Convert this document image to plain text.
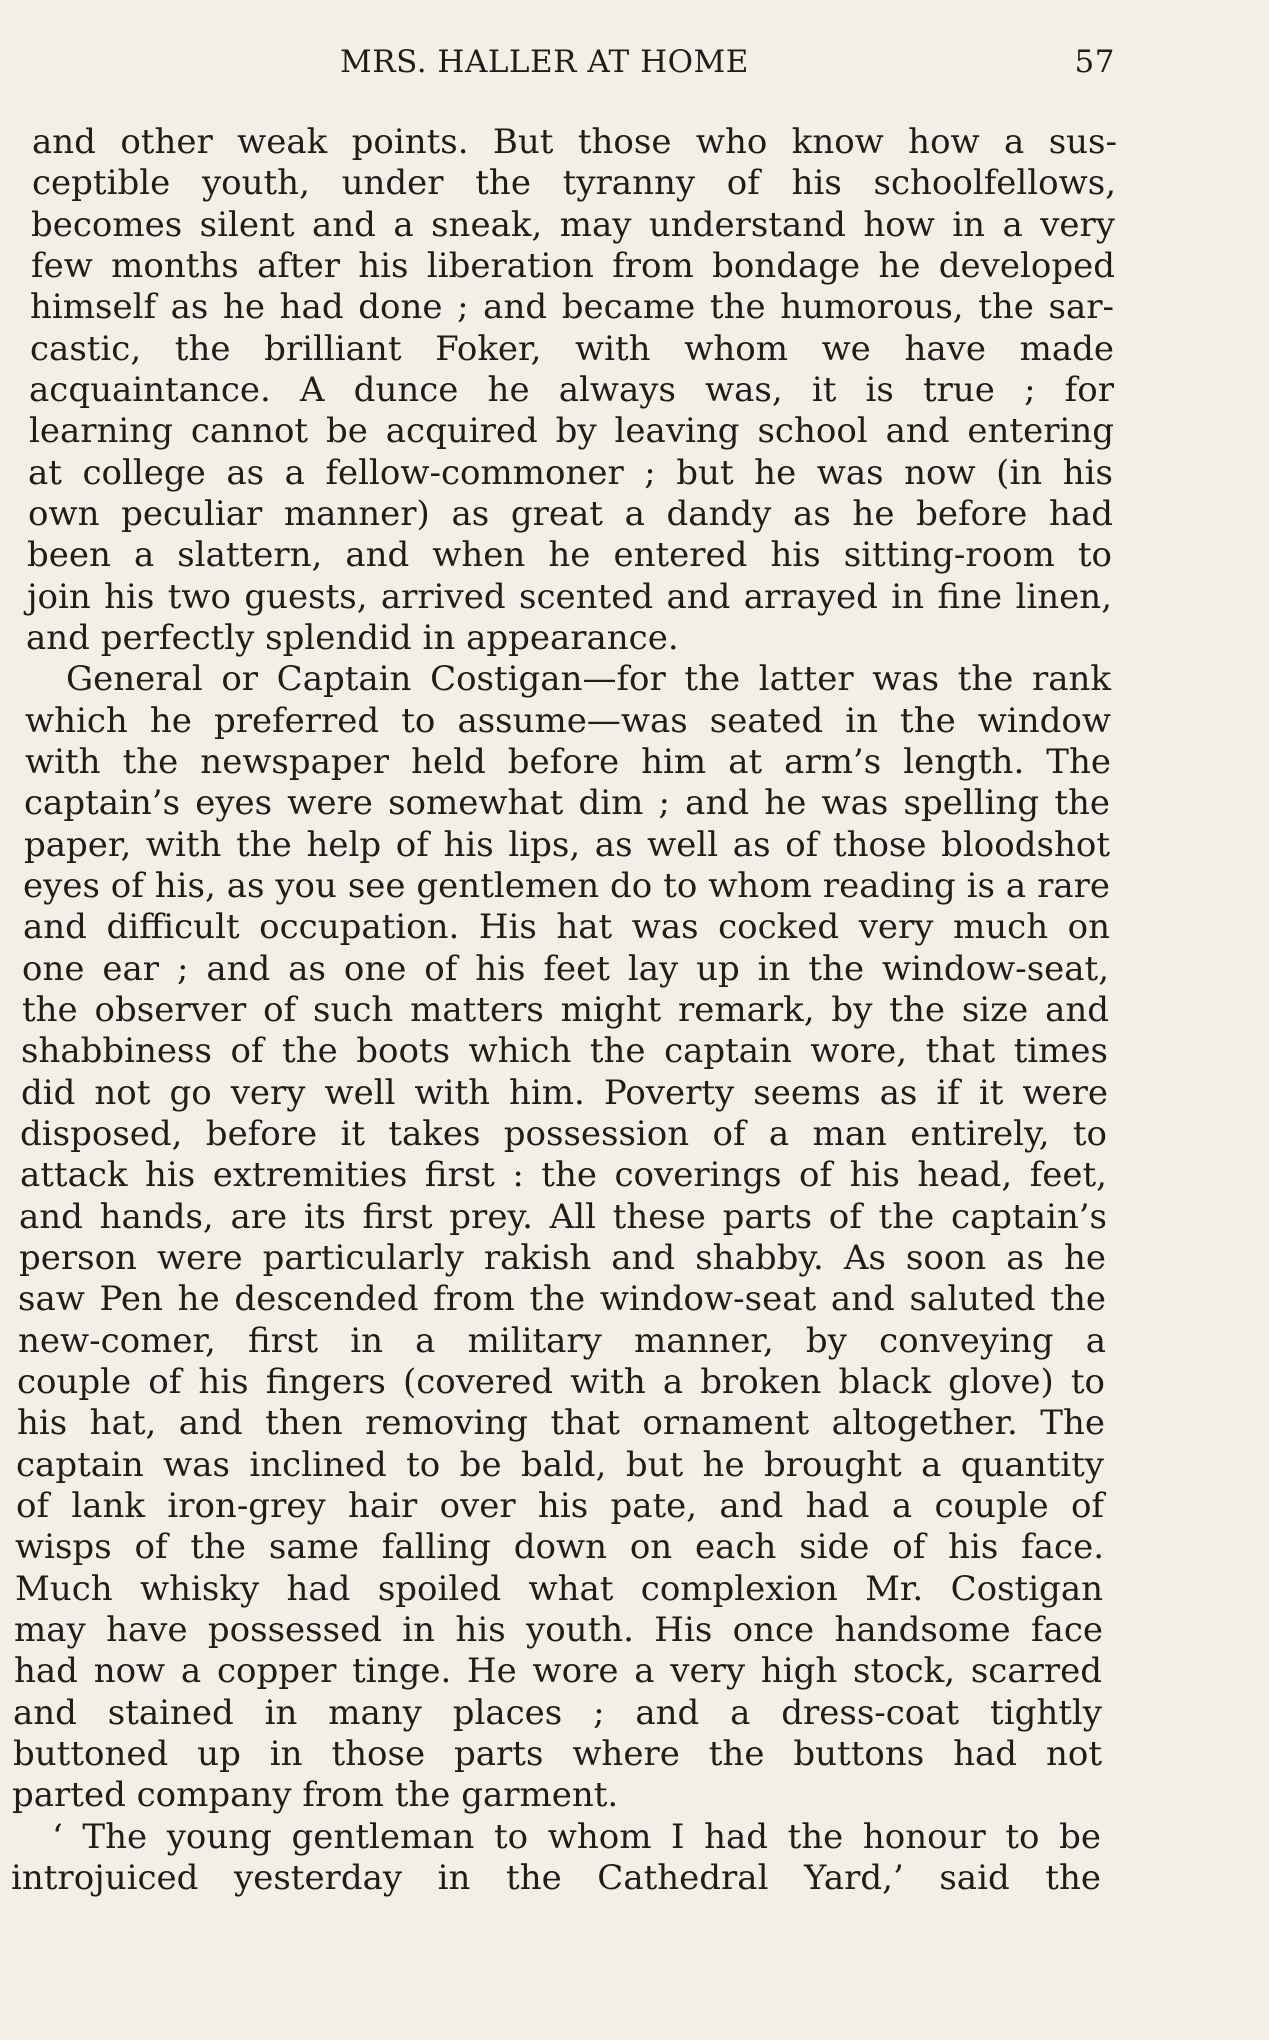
MRS. HALLER AT HOME	57
and other weak points. But those who know how a sus-
ceptible youth, under the tyranny of his schoolfellows,
becomes silent and a sneak, may understand how in a very
few months after his liberation from bondage he developed
himself as he had done ; and became the humorous, the sar-
castic, the brilliant Foker, with whom we have made
acquaintance. A dunce he always was, it is true ; for
learning cannot be acquired by leaving school and entering
at college as a fellow-commoner ; but he was now (in his
own peculiar manner) as great a dandy as he before had
been a slattern, and when he entered his sitting-room to
join his two guests, arrived scented and arrayed in fine linen,
and perfectly splendid in appearance.
General or Captain Costigan—for the latter was the rank
which he preferred to assume—was seated in the window
with the newspaper held before him at arm’s length. The
captain’s eyes were somewhat dim ; and he was spelling the
paper, with the help of his lips, as well as of those bloodshot
eyes of his, as you see gentlemen do to whom reading is a rare
and difficult occupation. His hat was cocked very much on
one ear ; and as one of his feet lay up in the window-seat,
the observer of such matters might remark, by the size and
shabbiness of the boots which the captain wore, that times
did not go very well with him. Poverty seems as if it were
disposed, before it takes possession of a man entirely, to
attack his extremities first : the coverings of his head, feet,
and hands, are its first prey. All these parts of the captain’s
person were particularly rakish and shabby. As soon as he
saw Pen he descended from the window-seat and saluted the
new-comer, first in a military manner, by conveying a
couple of his fingers (covered with a broken black glove) to
his hat, and then removing that ornament altogether. The
captain was inclined to be bald, but he brought a quantity
of lank iron-grey hair over his pate, and had a couple of
wisps of the same falling down on each side of his face.
Much whisky had spoiled what complexion Mr. Costigan
may have possessed in his youth. His once handsome face
had now a copper tinge. He wore a very high stock, scarred
and stained in many places ; and a dress-coat tightly
buttoned up in those parts where the buttons had not
parted company from the garment.
‘ The young gentleman to whom I had the honour to be
introjuiced yesterday in the Cathedral Yard,’ said the
